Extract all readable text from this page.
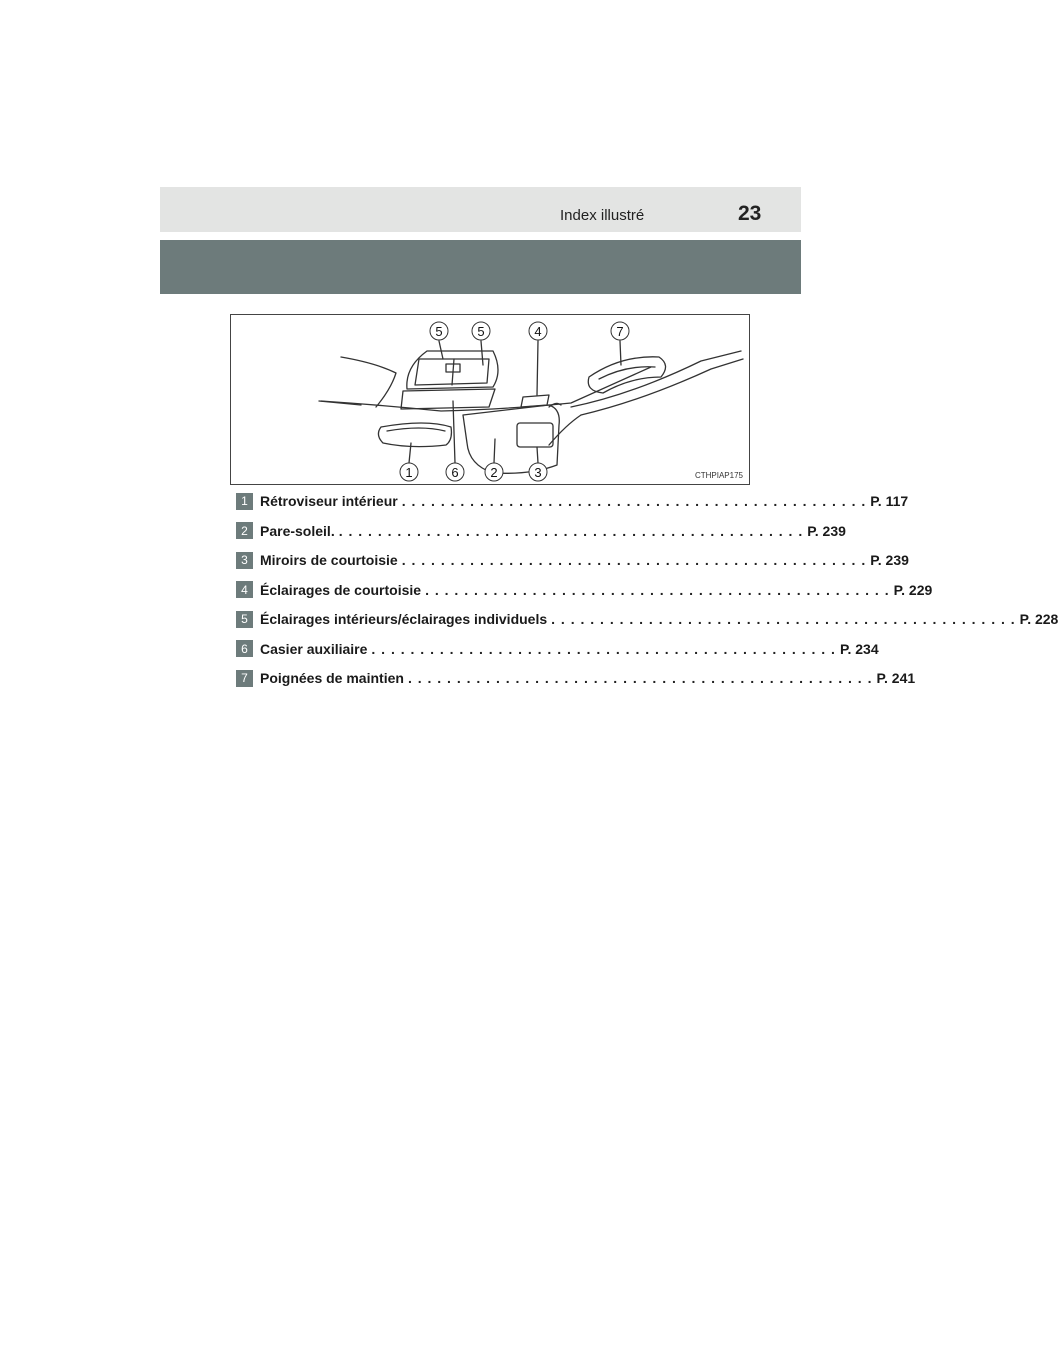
Index illustré	23
5	5	4	7
1	6 2	3	CTHPIAP175
1 Rétroviseur intérieur . . . . . . . . . . . . . . . . . . . . . . . . . . . . . . . . . . . . . . . . . . . . . . . . P. 117
2 Pare-soleil. . . . . . . . . . . . . . . . . . . . . . . . . . . . . . . . . . . . . . . . . . . . . . . . . P. 239
3 Miroirs de courtoisie . . . . . . . . . . . . . . . . . . . . . . . . . . . . . . . . . . . . . . . . . . . . . . . . P. 239
4 Éclairages de courtoisie . . . . . . . . . . . . . . . . . . . . . . . . . . . . . . . . . . . . . . . . . . . . . . . . P. 229
5 Éclairages intérieurs/éclairages individuels . . . . . . . . . . . . . . . . . . . . . . . . . . . . . . . . . . . . . . . . . . . . . . . . P. 228
6 Casier auxiliaire . . . . . . . . . . . . . . . . . . . . . . . . . . . . . . . . . . . . . . . . . . . . . . . . P. 234
7 Poignées de maintien . . . . . . . . . . . . . . . . . . . . . . . . . . . . . . . . . . . . . . . . . . . . . . . . P. 241
